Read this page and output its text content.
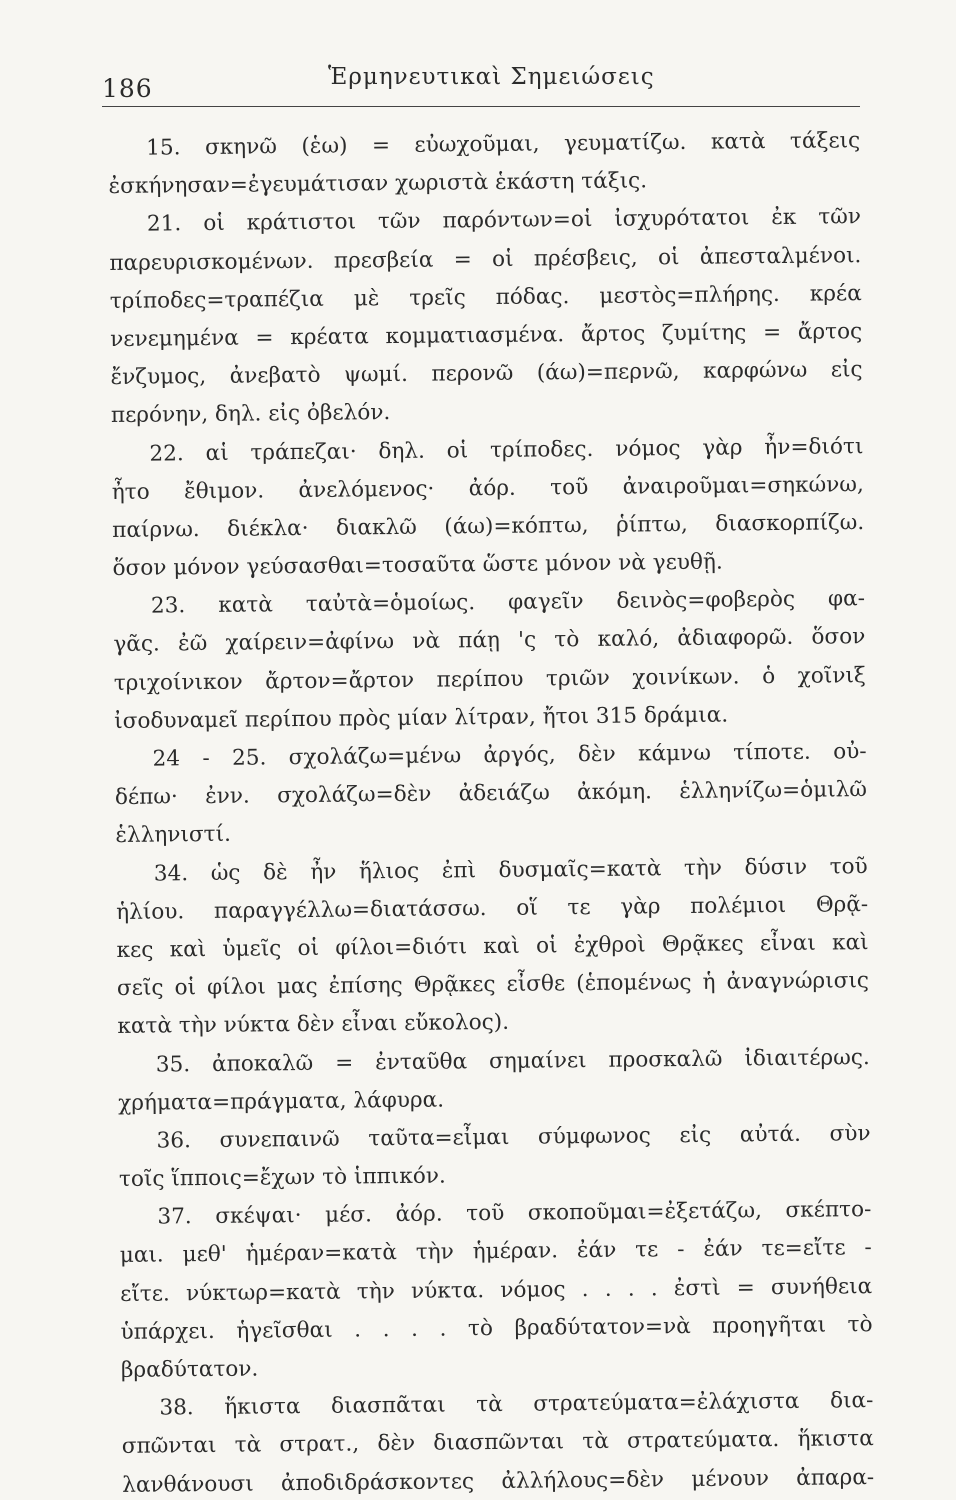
186	Ἑρμηνευτικαὶ Σημειώσεις
15. σκηνῶ (ἑω) = εὐωχοῦμαι, γευματίζω. κατὰ τάξεις
ἐσκήνησαν=ἐγευμάτισαν χωριστὰ ἑκάστη τάξις.
21. οἱ κράτιστοι τῶν παρόντων=οἱ ἰσχυρότατοι ἐκ τῶν
παρευρισκομένων. πρεσβεία = οἱ πρέσβεις, οἱ ἀπεσταλμένοι.
τρίποδες=τραπέζια μὲ τρεῖς πόδας. μεστὸς=πλήρης. κρέα
νενεμημένα = κρέατα κομματιασμένα. ἄρτος ζυμίτης = ἄρτος
ἔνζυμος, ἀνεβατὸ ψωμί. περονῶ (άω)=περνῶ, καρφώνω εἰς
περόνην, δηλ. εἰς ὀβελόν.
22. αἱ τράπεζαι· δηλ. οἱ τρίποδες. νόμος γὰρ ἦν=διότι
ἦτο ἔθιμον. ἀνελόμενος· ἀόρ. τοῦ ἀναιροῦμαι=σηκώνω,
παίρνω. διέκλα· διακλῶ (άω)=κόπτω, ῥίπτω, διασκορπίζω.
ὅσον μόνον γεύσασθαι=τοσαῦτα ὥστε μόνον νὰ γευθῇ.
23. κατὰ ταὐτὰ=ὁμοίως. φαγεῖν δεινὸς=φοβερὸς φα-
γᾶς. ἐῶ χαίρειν=ἀφίνω νὰ πάῃ 'ς τὸ καλό, ἀδιαφορῶ. ὅσον
τριχοίνικον ἄρτον=ἄρτον περίπου τριῶν χοινίκων. ὁ χοῖνιξ
ἰσοδυναμεῖ περίπου πρὸς μίαν λίτραν, ἤτοι 315 δράμια.
24 - 25. σχολάζω=μένω ἀργός, δὲν κάμνω τίποτε. οὐ-
δέπω· ἐνν. σχολάζω=δὲν ἀδειάζω ἀκόμη. ἑλληνίζω=ὁμιλῶ
ἑλληνιστί.
34. ὡς δὲ ἦν ἥλιος ἐπὶ δυσμαῖς=κατὰ τὴν δύσιν τοῦ
ἡλίου. παραγγέλλω=διατάσσω. οἵ τε γὰρ πολέμιοι Θρᾷ-
κες καὶ ὑμεῖς οἱ φίλοι=διότι καὶ οἱ ἐχθροὶ Θρᾷκες εἶναι καὶ
σεῖς οἱ φίλοι μας ἐπίσης Θρᾷκες εἶσθε (ἑπομένως ἡ ἀναγνώρισις
κατὰ τὴν νύκτα δὲν εἶναι εὔκολος).
35. ἀποκαλῶ = ἐνταῦθα σημαίνει προσκαλῶ ἰδιαιτέρως.
χρήματα=πράγματα, λάφυρα.
36. συνεπαινῶ ταῦτα=εἶμαι σύμφωνος εἰς αὐτά. σὺν
τοῖς ἵπποις=ἔχων τὸ ἱππικόν.
37. σκέψαι· μέσ. ἀόρ. τοῦ σκοποῦμαι=ἐξετάζω, σκέπτο-
μαι. μεθ' ἡμέραν=κατὰ τὴν ἡμέραν. ἐάν τε - ἐάν τε=εἴτε -
εἴτε. νύκτωρ=κατὰ τὴν νύκτα. νόμος . . . . ἐστὶ = συνήθεια
ὑπάρχει. ἡγεῖσθαι . . . . τὸ βραδύτατον=νὰ προηγῆται τὸ
βραδύτατον.
38. ἥκιστα διασπᾶται τὰ στρατεύματα=ἐλάχιστα δια-
σπῶνται τὰ στρατ., δὲν διασπῶνται τὰ στρατεύματα. ἥκιστα
λανθάνουσι ἀποδιδράσκοντες ἀλλήλους=δὲν μένουν ἀπαρα-
